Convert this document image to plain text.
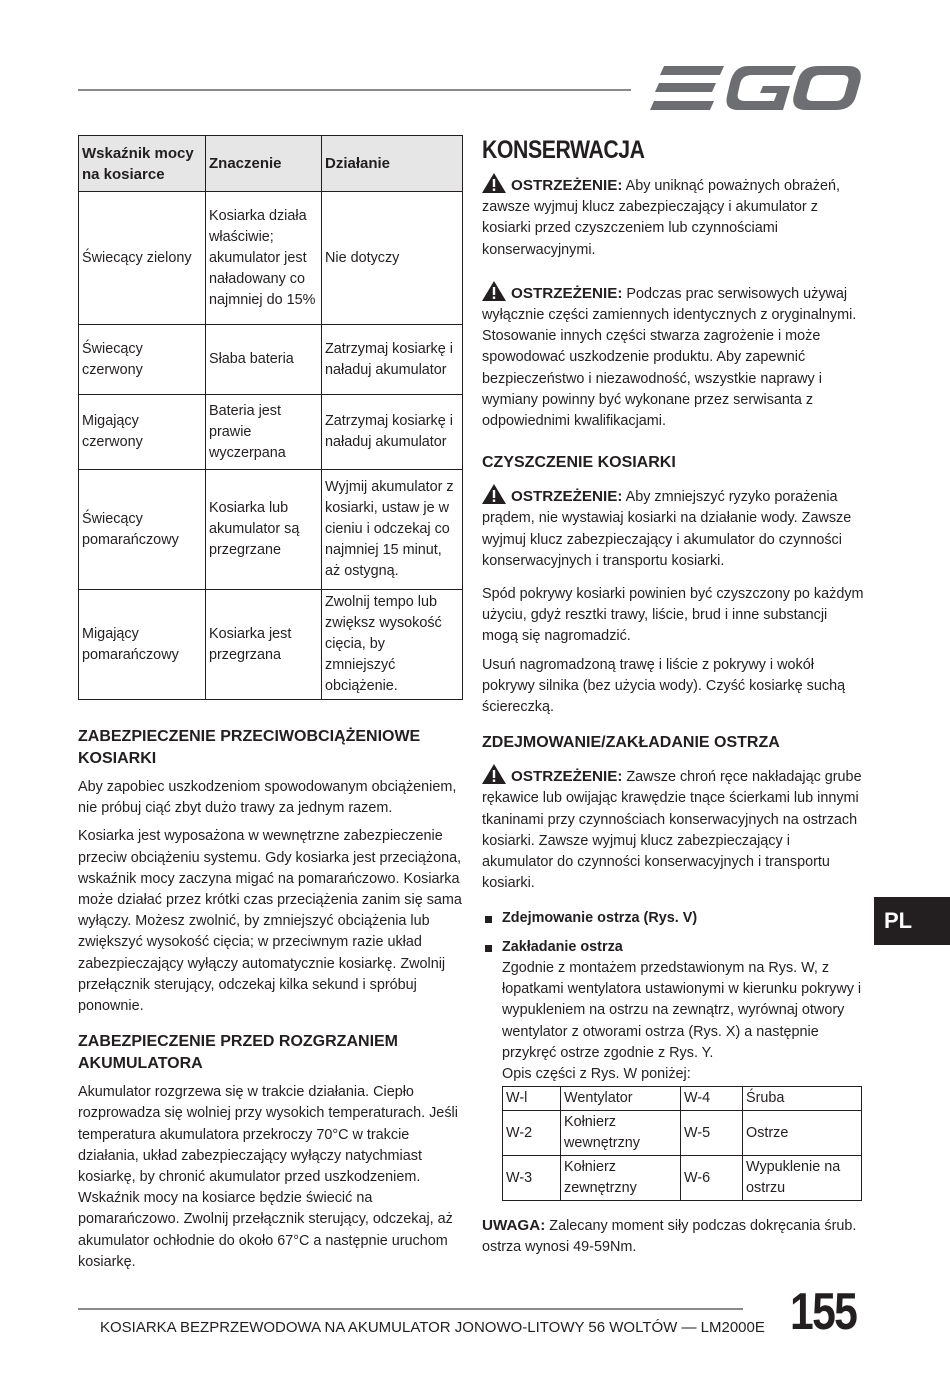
Wskaźnik mocy na kosiarce	Znaczenie	Działanie
Świecący zielony	Kosiarka działa właściwie; akumulator jest naładowany co najmniej do 15%	Nie dotyczy
Świecący czerwony	Słaba bateria	Zatrzymaj kosiarkę i naładuj akumulator
Migający czerwony	Bateria jest prawie wyczerpana	Zatrzymaj kosiarkę i naładuj akumulator
Świecący pomarańczowy	Kosiarka lub akumulator są przegrzane	Wyjmij akumulator z kosiarki, ustaw je w cieniu i odczekaj co najmniej 15 minut, aż ostygną.
Migający pomarańczowy	Kosiarka jest przegrzana	Zwolnij tempo lub zwiększ wysokość cięcia, by zmniejszyć obciążenie.
ZABEZPIECZENIE PRZECIWOBCIĄŻENIOWE KOSIARKI

Aby zapobiec uszkodzeniom spowodowanym obciążeniem, nie próbuj ciąć zbyt dużo trawy za jednym razem.

Kosiarka jest wyposażona w wewnętrzne zabezpieczenie przeciw obciążeniu systemu. Gdy kosiarka jest przeciążona, wskaźnik mocy zaczyna migać na pomarańczowo. Kosiarka może działać przez krótki czas przeciążenia zanim się sama wyłączy. Możesz zwolnić, by zmniejszyć obciążenia lub zwiększyć wysokość cięcia; w przeciwnym razie układ zabezpieczający wyłączy automatycznie kosiarkę. Zwolnij przełącznik sterujący, odczekaj kilka sekund i spróbuj ponownie.

ZABEZPIECZENIE PRZED ROZGRZANIEM AKUMULATORA

Akumulator rozgrzewa się w trakcie działania. Ciepło rozprowadza się wolniej przy wysokich temperaturach. Jeśli temperatura akumulatora przekroczy 70°C w trakcie działania, układ zabezpieczający wyłączy natychmiast kosiarkę, by chronić akumulator przed uszkodzeniem. Wskaźnik mocy na kosiarce będzie świecić na pomarańczowo. Zwolnij przełącznik sterujący, odczekaj, aż akumulator ochłodnie do około 67°C a następnie uruchom kosiarkę.

KONSERWACJA

OSTRZEŻENIE: Aby uniknąć poważnych obrażeń, zawsze wyjmuj klucz zabezpieczający i akumulator z kosiarki przed czyszczeniem lub czynnościami konserwacyjnymi.

OSTRZEŻENIE: Podczas prac serwisowych używaj wyłącznie części zamiennych identycznych z oryginalnymi. Stosowanie innych części stwarza zagrożenie i może spowodować uszkodzenie produktu. Aby zapewnić bezpieczeństwo i niezawodność, wszystkie naprawy i wymiany powinny być wykonane przez serwisanta z odpowiednimi kwalifikacjami.

CZYSZCZENIE KOSIARKI

OSTRZEŻENIE: Aby zmniejszyć ryzyko porażenia prądem, nie wystawiaj kosiarki na działanie wody. Zawsze wyjmuj klucz zabezpieczający i akumulator do czynności konserwacyjnych i transportu kosiarki.

Spód pokrywy kosiarki powinien być czyszczony po każdym użyciu, gdyż resztki trawy, liście, brud i inne substancji mogą się nagromadzić.

Usuń nagromadzoną trawę i liście z pokrywy i wokół pokrywy silnika (bez użycia wody). Czyść kosiarkę suchą ściereczką.

ZDEJMOWANIE/ZAKŁADANIE OSTRZA

OSTRZEŻENIE: Zawsze chroń ręce nakładając grube rękawice lub owijając krawędzie tnące ścierkami lub innymi tkaninami przy czynnościach konserwacyjnych na ostrzach kosiarki. Zawsze wyjmuj klucz zabezpieczający i akumulator do czynności konserwacyjnych i transportu kosiarki.

Zdejmowanie ostrza (Rys. V)
Zakładanie ostrza
Zgodnie z montażem przedstawionym na Rys. W, z łopatkami wentylatora ustawionymi w kierunku pokrywy i wypukleniem na ostrzu na zewnątrz, wyrównaj otwory wentylator z otworami ostrza (Rys. X) a następnie przykręć ostrze zgodnie z Rys. Y.
Opis części z Rys. W poniżej:
W-l	Wentylator	W-4	Śruba
W-2	Kołnierz wewnętrzny	W-5	Ostrze
W-3	Kołnierz zewnętrzny	W-6	Wypuklenie na ostrzu

UWAGA: Zalecany moment siły podczas dokręcania śrub. ostrza wynosi 49-59Nm.

PL
KOSIARKA BEZPRZEWODOWA NA AKUMULATOR JONOWO-LITOWY 56 WOLTÓW — LM2000E 155
